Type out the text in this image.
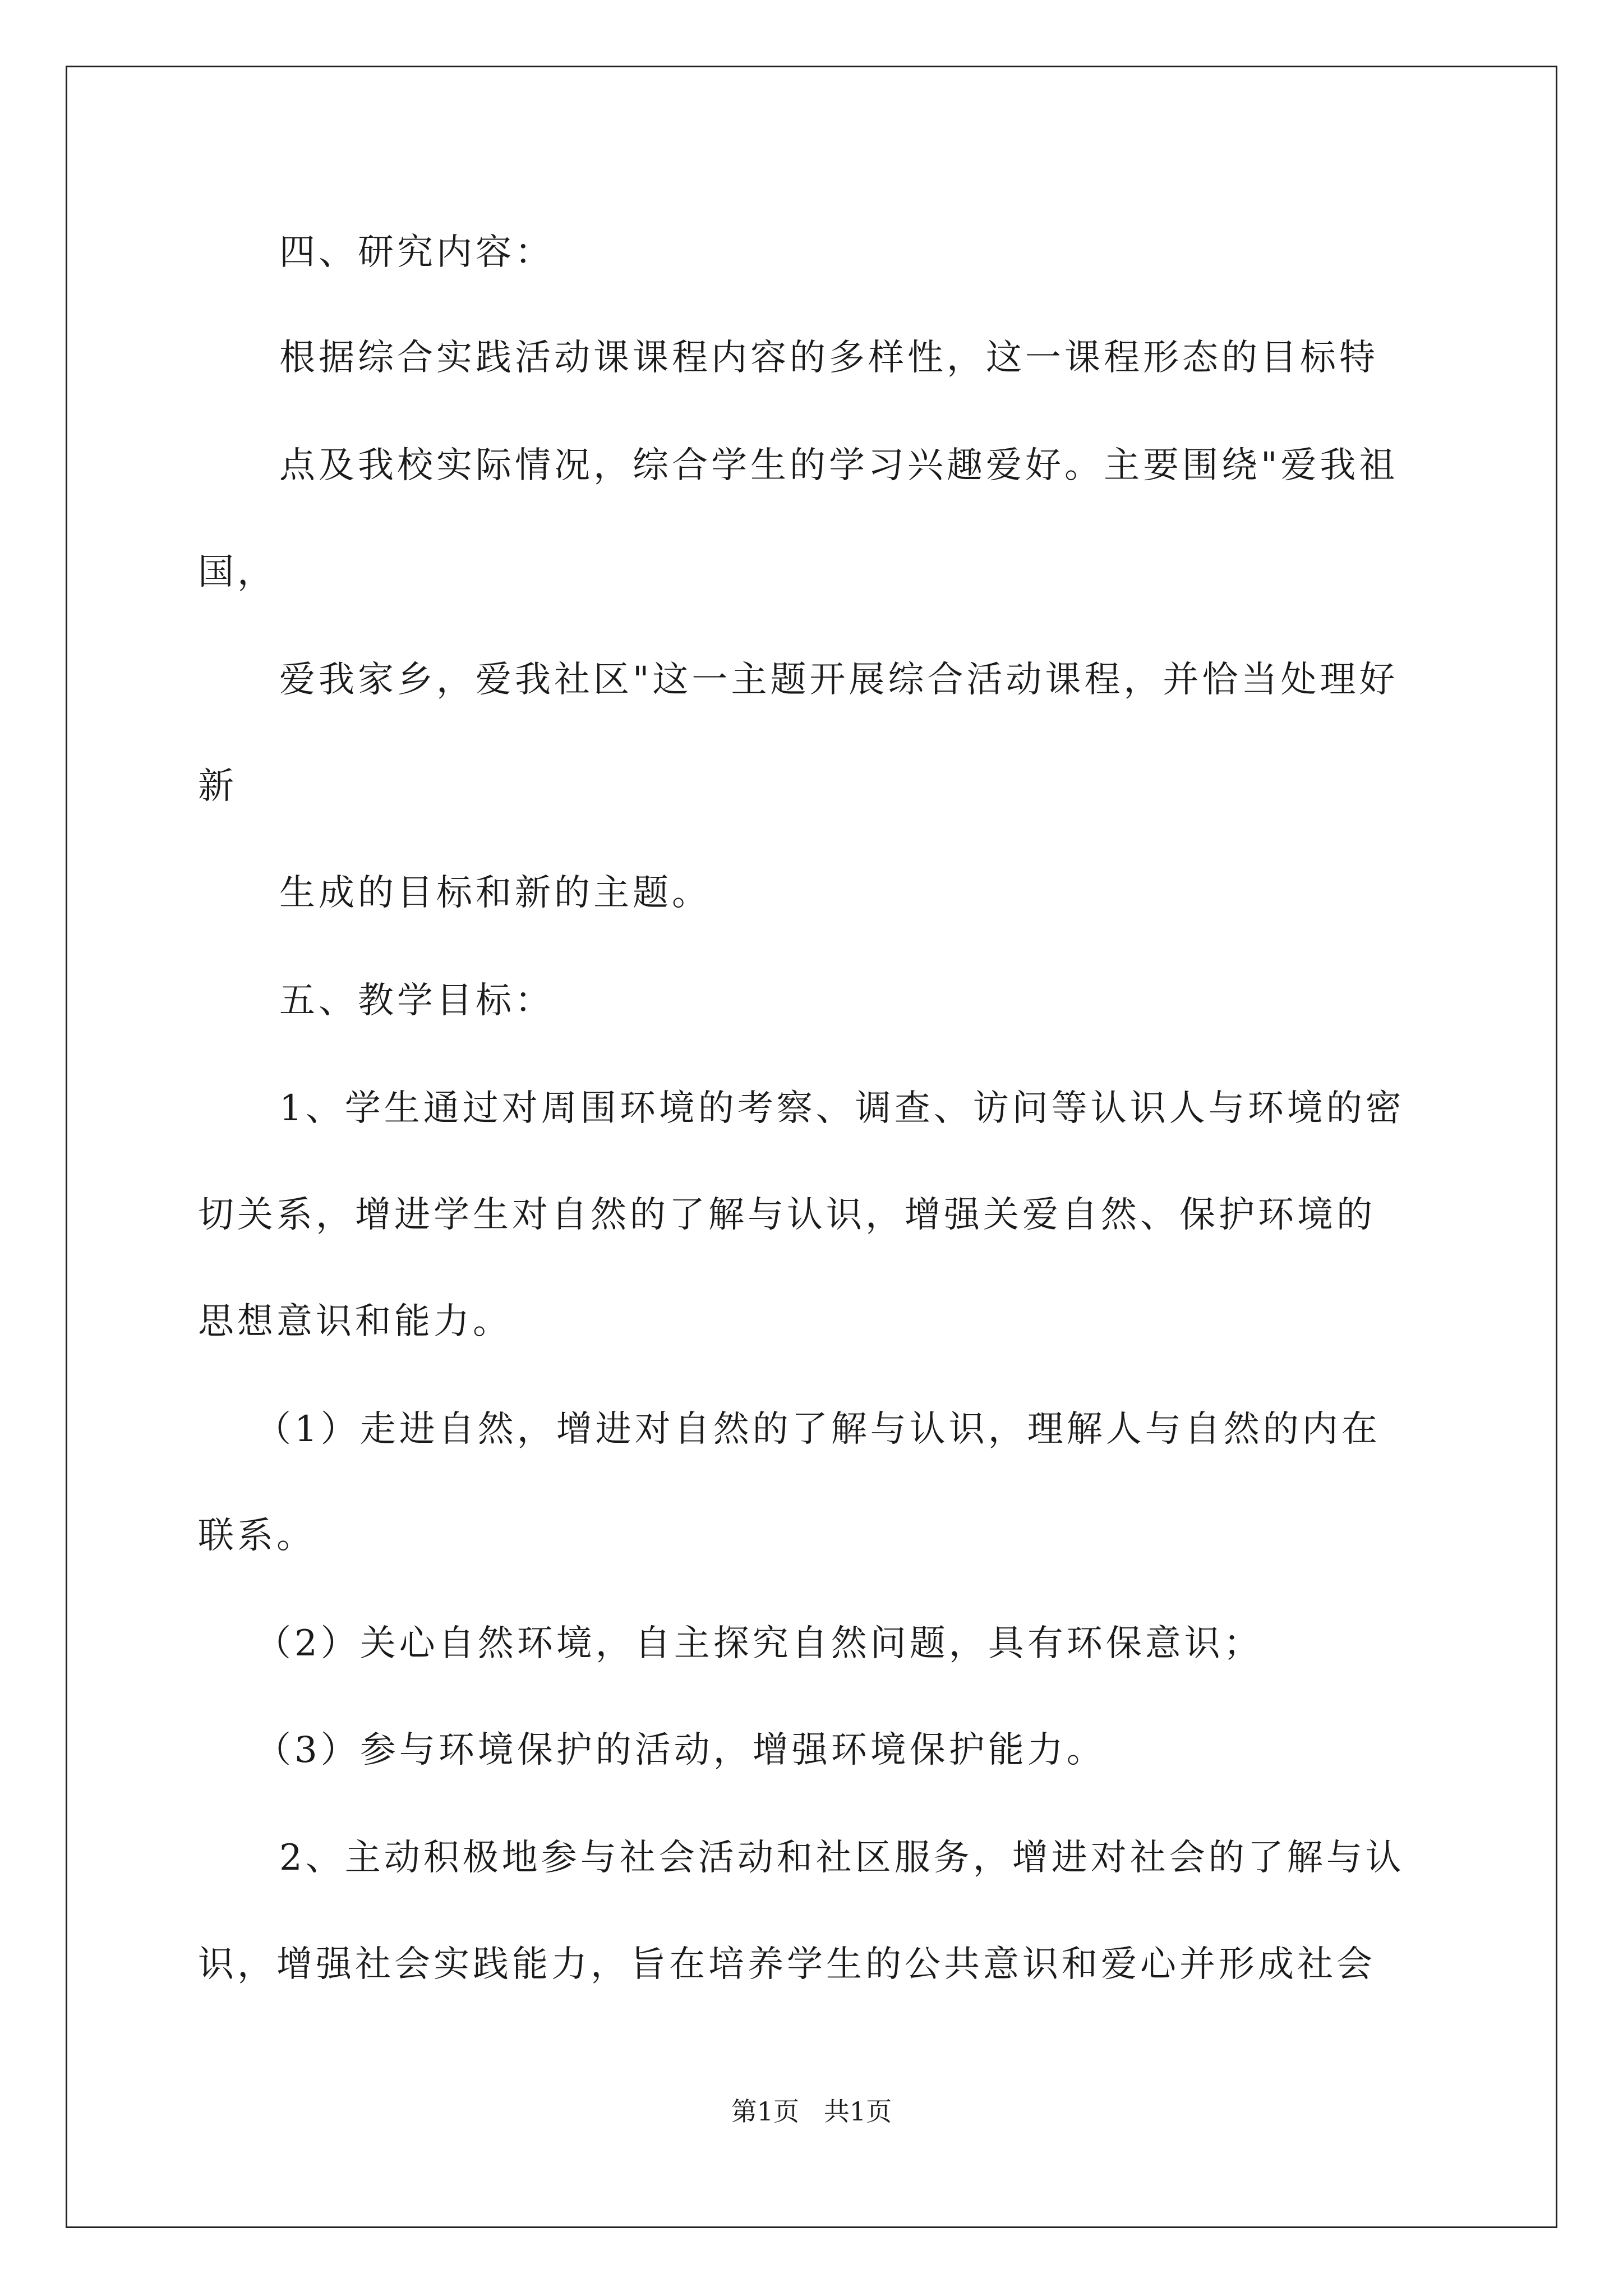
四、研究内容：
根据综合实践活动课课程内容的多样性，这一课程形态的目标特
点及我校实际情况，综合学生的学习兴趣爱好。主要围绕"爱我祖
国，
爱我家乡，爱我社区"这一主题开展综合活动课程，并恰当处理好
新
生成的目标和新的主题。
五、教学目标：
1、学生通过对周围环境的考察、调查、访问等认识人与环境的密
切关系，增进学生对自然的了解与认识，增强关爱自然、保护环境的
思想意识和能力。
（1）走进自然，增进对自然的了解与认识，理解人与自然的内在
联系。
（2）关心自然环境，自主探究自然问题，具有环保意识；
（3）参与环境保护的活动，增强环境保护能力。
2、主动积极地参与社会活动和社区服务，增进对社会的了解与认
识，增强社会实践能力，旨在培养学生的公共意识和爱心并形成社会
第1页   共1页
